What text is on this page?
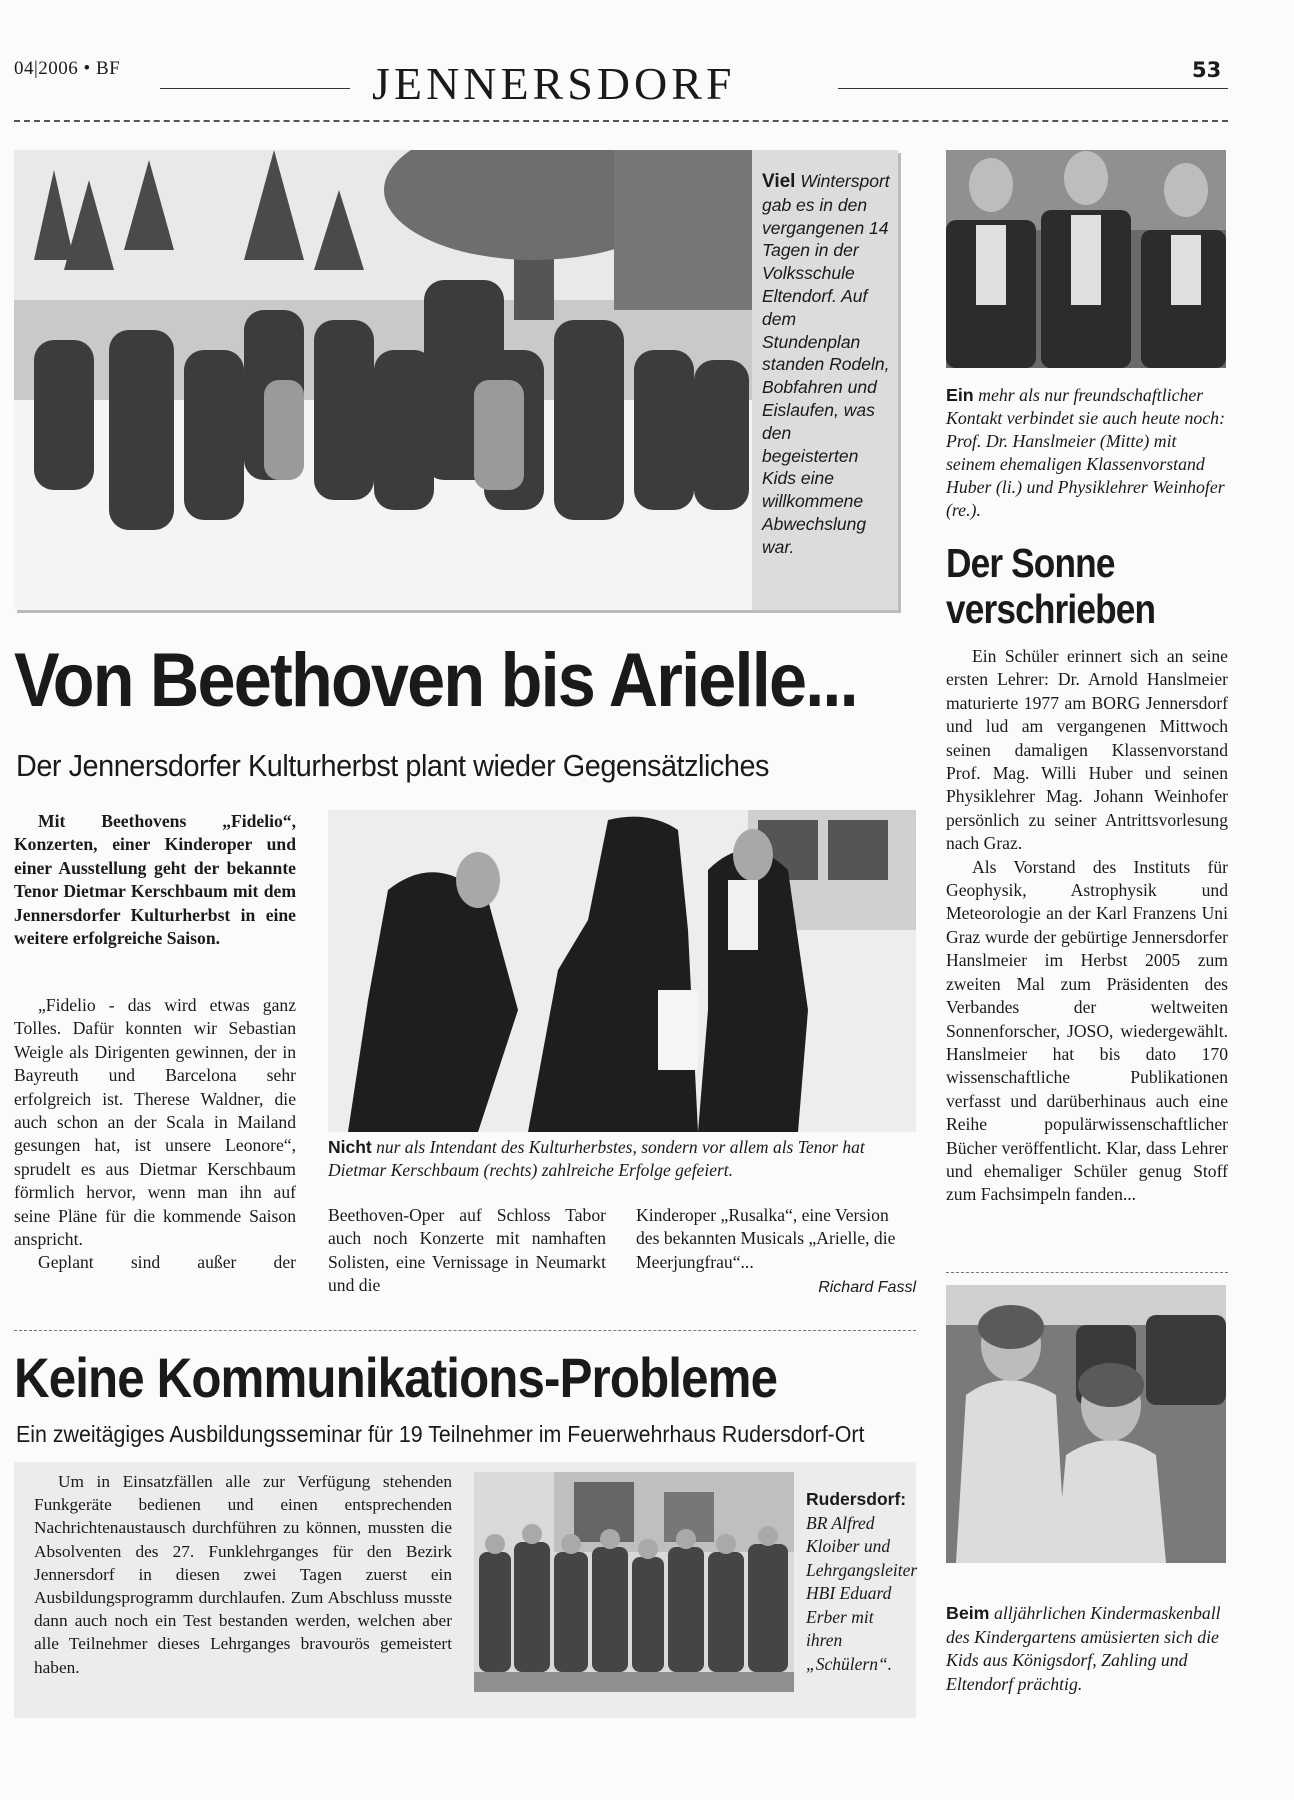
04|2006 • BF	JENNERSDORF	53
Viel Wintersport gab es in den vergangenen 14 Tagen in der Volksschule Eltendorf. Auf dem Stundenplan standen Rodeln, Bobfahren und Eislaufen, was den begeisterten Kids eine willkommene Abwechslung war.
Ein mehr als nur freundschaftlicher Kontakt verbindet sie auch heute noch: Prof. Dr. Hanslmeier (Mitte) mit seinem ehemaligen Klassenvorstand Huber (li.) und Physiklehrer Weinhofer (re.).
Der Sonne verschrieben

Ein Schüler erinnert sich an seine ersten Lehrer: Dr. Arnold Hanslmeier maturierte 1977 am BORG Jennersdorf und lud am vergangenen Mittwoch seinen damaligen Klassenvorstand Prof. Mag. Willi Huber und seinen Physiklehrer Mag. Johann Weinhofer persönlich zu seiner Antrittsvorlesung nach Graz.

Als Vorstand des Instituts für Geophysik, Astrophysik und Meteorologie an der Karl Franzens Uni Graz wurde der gebürtige Jennersdorfer Hanslmeier im Herbst 2005 zum zweiten Mal zum Präsidenten des Verbandes der weltweiten Sonnenforscher, JOSO, wiedergewählt. Hanslmeier hat bis dato 170 wissenschaftliche Publikationen verfasst und darüberhinaus auch eine Reihe populärwissenschaftlicher Bücher veröffentlicht. Klar, dass Lehrer und ehemaliger Schüler genug Stoff zum Fachsimpeln fanden...

Von Beethoven bis Arielle...
Der Jennersdorfer Kulturherbst plant wieder Gegensätzliches
Mit Beethovens „Fidelio“, Konzerten, einer Kinderoper und einer Ausstellung geht der bekannte Tenor Dietmar Kerschbaum mit dem Jennersdorfer Kulturherbst in eine weitere erfolgreiche Saison.

„Fidelio - das wird etwas ganz Tolles. Dafür konnten wir Sebastian Weigle als Dirigenten gewinnen, der in Bayreuth und Barcelona sehr erfolgreich ist. Therese Waldner, die auch schon an der Scala in Mailand gesungen hat, ist unsere Leonore“, sprudelt es aus Dietmar Kerschbaum förmlich hervor, wenn man ihn auf seine Pläne für die kommende Saison anspricht.

Geplant sind außer der

Nicht nur als Intendant des Kulturherbstes, sondern vor allem als Tenor hat Dietmar Kerschbaum (rechts) zahlreiche Erfolge gefeiert.
Beethoven-Oper auf Schloss Tabor auch noch Konzerte mit namhaften Solisten, eine Vernissage in Neumarkt und die
Kinderoper „Rusalka“, eine Version des bekannten Musicals „Arielle, die Meerjungfrau“...
Richard Fassl
Keine Kommunikations-Probleme
Ein zweitägiges Ausbildungsseminar für 19 Teilnehmer im Feuerwehrhaus Rudersdorf-Ort
Um in Einsatzfällen alle zur Verfügung stehenden Funkgeräte bedienen und einen entsprechenden Nachrichtenaustausch durchführen zu können, mussten die Absolventen des 27. Funklehrganges für den Bezirk Jennersdorf in diesen zwei Tagen zuerst ein Ausbildungsprogramm durchlaufen. Zum Abschluss musste dann auch noch ein Test bestanden werden, welchen aber alle Teilnehmer dieses Lehrganges bravourös gemeistert haben.
Rudersdorf: BR Alfred Kloiber und Lehrgangsleiter HBI Eduard Erber mit ihren „Schülern“.
Beim alljährlichen Kindermaskenball des Kindergartens amüsierten sich die Kids aus Königsdorf, Zahling und Eltendorf prächtig.
